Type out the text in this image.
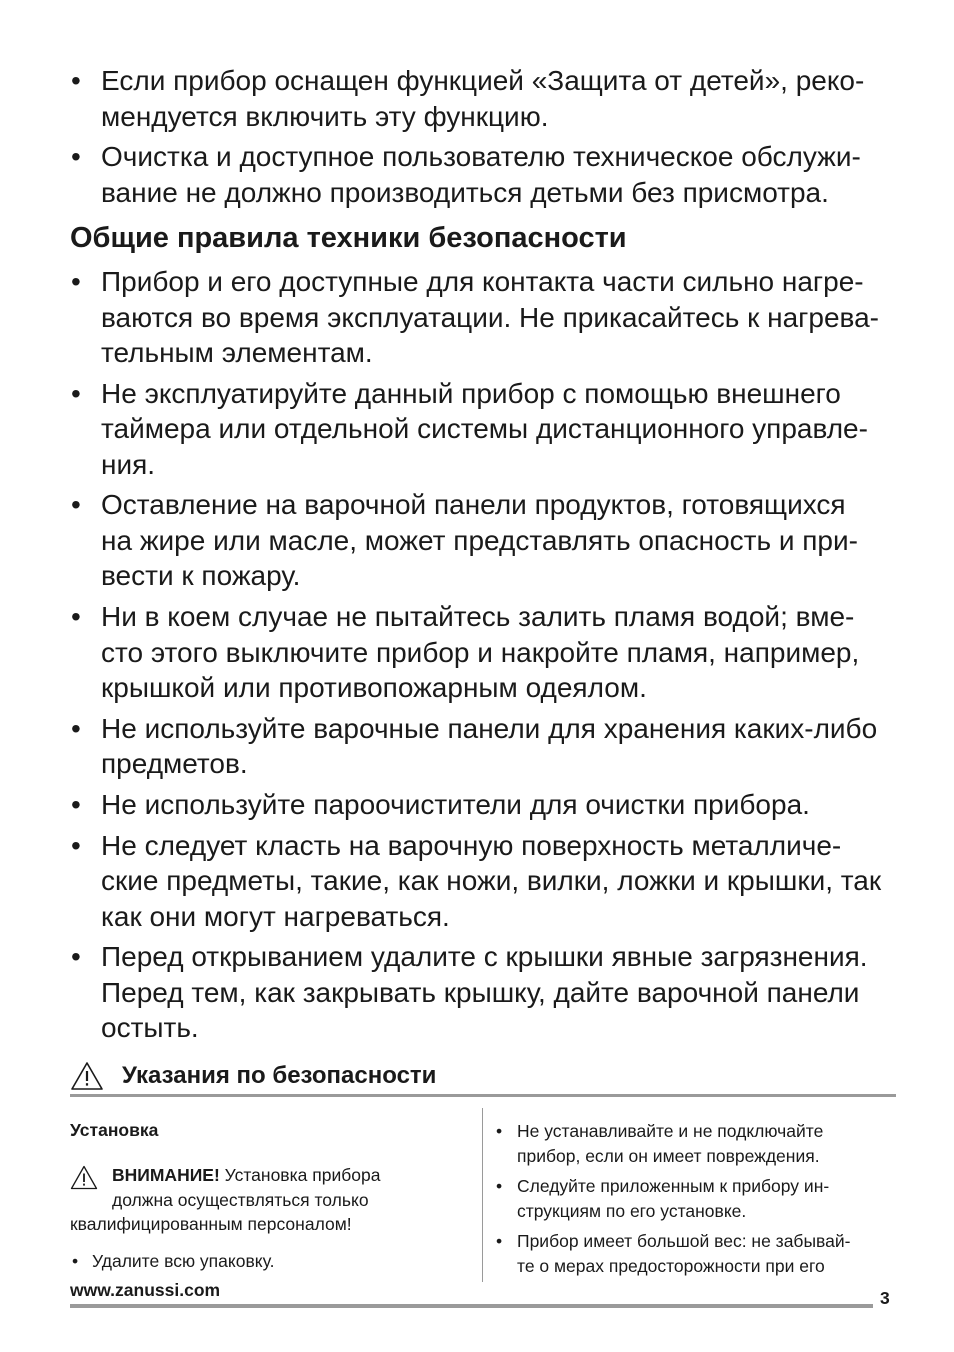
• Если прибор оснащен функцией «Защита от детей», реко-
мендуется включить эту функцию.
• Очистка и доступное пользователю техническое обслужи-
вание не должно производиться детьми без присмотра.
Общие правила техники безопасности
• Прибор и его доступные для контакта части сильно нагре-
ваются во время эксплуатации. Не прикасайтесь к нагрева-
тельным элементам.
• Не эксплуатируйте данный прибор с помощью внешнего
таймера или отдельной системы дистанционного управле-
ния.
• Оставление на варочной панели продуктов, готовящихся
на жире или масле, может представлять опасность и при-
вести к пожару.
• Ни в коем случае не пытайтесь залить пламя водой; вме-
сто этого выключите прибор и накройте пламя, например,
крышкой или противопожарным одеялом.
• Не используйте варочные панели для хранения каких-либо
предметов.
• Не используйте пароочистители для очистки прибора.
• Не следует класть на варочную поверхность металличе-
ские предметы, такие, как ножи, вилки, ложки и крышки, так
как они могут нагреваться.
• Перед открыванием удалите с крышки явные загрязнения.
Перед тем, как закрывать крышку, дайте варочной панели
остыть.
Указания по безопасности
Установка
ВНИМАНИЕ! Установка прибора
должна осуществляться только
квалифицированным персоналом!
• Удалите всю упаковку.
• Не устанавливайте и не подключайте
прибор, если он имеет повреждения.
• Следуйте приложенным к прибору ин-
струкциям по его установке.
• Прибор имеет большой вес: не забывай-
те о мерах предосторожности при его

www.zanussi.com	3
